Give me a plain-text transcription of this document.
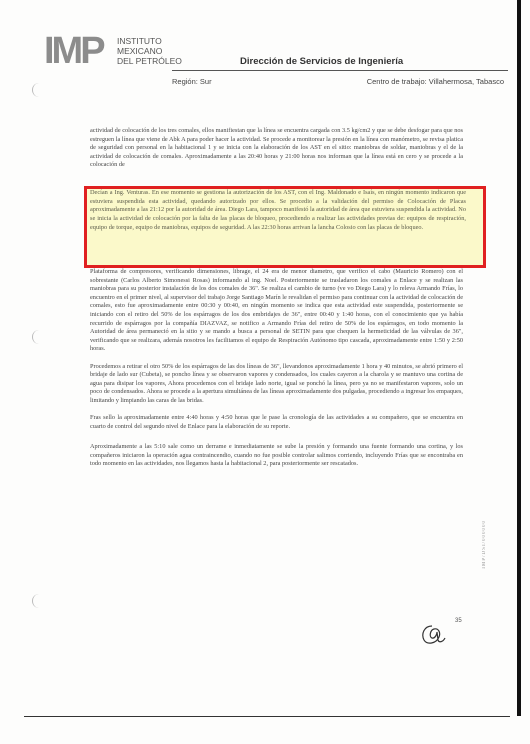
IMP INSTITUTO
MEXICANO
DEL PETRÓLEO	Dirección de Servicios de Ingeniería
Región: Sur	Centro de trabajo: Villahermosa, Tabasco

actividad de colocación de los tres comales, ellos manifiestan que la línea se encuentra cargada con 3.5 kg/cm2 y que se debe desfogar para que nos estreguen la línea que viene de Abk A para poder hacer la actividad. Se procede a monitorear la presión en la línea con manómetro, se revisa platica de seguridad con personal en la habitacional 1 y se inicia con la elaboración de los AST en el sitio: maniobras de soldar, maniobras y el de la actividad de colocación de comales. Aproximadamente a las 20:40 horas y 21:00 horas nos informan que la línea está en cero y se procede a la colocación de

Plataforma de compresores, verificando dimensiones, librage, el 24 era de menor diametro, que verifico el cabo (Mauricio Romero) con el sobrestante (Carlos Alberto Simonessi Rosas) informando al ing. Noel. Posteriormente se trasladaron los comales a Enlace y se realizan las maniobras para su posterior instalación de los dos comales de 36". Se realiza el cambio de turno (ve vo Diego Lara) y lo releva Armando Frías, lo encuentro en el primer nivel, al supervisor del trabajo Jorge Santiago Marín le revalidan el permiso para continuar con la actividad de colocación de comales, esto fue aproximadamente entre 00:30 y 00:40, en ningún momento se indica que esta actividad este suspendida, posteriormente se iniciando con el retiro del 50% de los espárragos de los dos embridajes de 36", entre 00:40 y 1:40 horas, con el conocimiento que ya había recurrido de espárragos por la compañía DIAZVAZ, se notifico a Armando Frías del retiro de 50% de los espárragos, en todo momento la Autoridad de área permaneció en la sitio y se mando a busca a personal de SETIN para que chequen la hermeticidad de las válvulas de 36", verificando que se realizara, además nosotros les facilitamos el equipo de Respiración Autónomo tipo cascada, aproximadamente entre 1:50 y 2:50 horas.

Procedemos a retirar el otro 50% de los espárragos de las dos líneas de 36", llevandonos aproximadamente 1 hora y 40 minutos, se abrió primero el bridaje de lado sur (Cubeta), se poncho línea y se observaron vapores y condensados, los cuales cayeron a la charola y se mantuvo una cortina de agua para disipar los vapores, Ahora procedemos con el bridaje lado norte, igual se ponchó la línea, pero ya no se manifestaron vapores, solo un poco de condensados. Ahora se procede a la apertura simultánea de las líneas aproximadamente dos pulgadas, procediendo a ingresar los empaques, limitando y limpiando las caras de las bridas.

Fras sello la aproximadamente entre 4:40 horas y 4:50 horas que le pase la cronología de las actividades a su compañero, que se encuentra en cuarto de control del segundo nivel de Enlace para la elaboración de su reporte.

Aproximadamente a las 5:10 sale como un derrame e inmediatamente se sube la presión y formando una fuente formando una cortina, y los compañeros iniciaron la operación agua contraincendio, cuando no fue posible controlar salimos corriendo, incluyendo Frías que se encontraba en todo momento en las actividades, nos llegamos hasta la habitacional 2, para posteriormente ser rescatados.

Decían a Ing. Venturas. En ese momento se gestiona la autorización de los AST, con el Ing. Maldonado e Isaís, en ningún momento indicaron que estuviera suspendida esta actividad, quedando autorizado por ellos. Se procedio a la validación del permiso de Colocación de Placas aproximadamente a las 21:12 por la autoridad de área. Diego Lara, tampoco manifestó la autoridad de área que estuviera suspendida la actividad. No se inicia la actividad de colocación por la falta de las placas de bloqueo, procediendo a realizar las actividades previas de: equipos de respiración, equipo de torque, equipo de maniobras, equipos de seguridad. A las 22:30 horas arrivan la lancha Colosio con las placas de bloqueo.
IMP/DSI/000000
35
